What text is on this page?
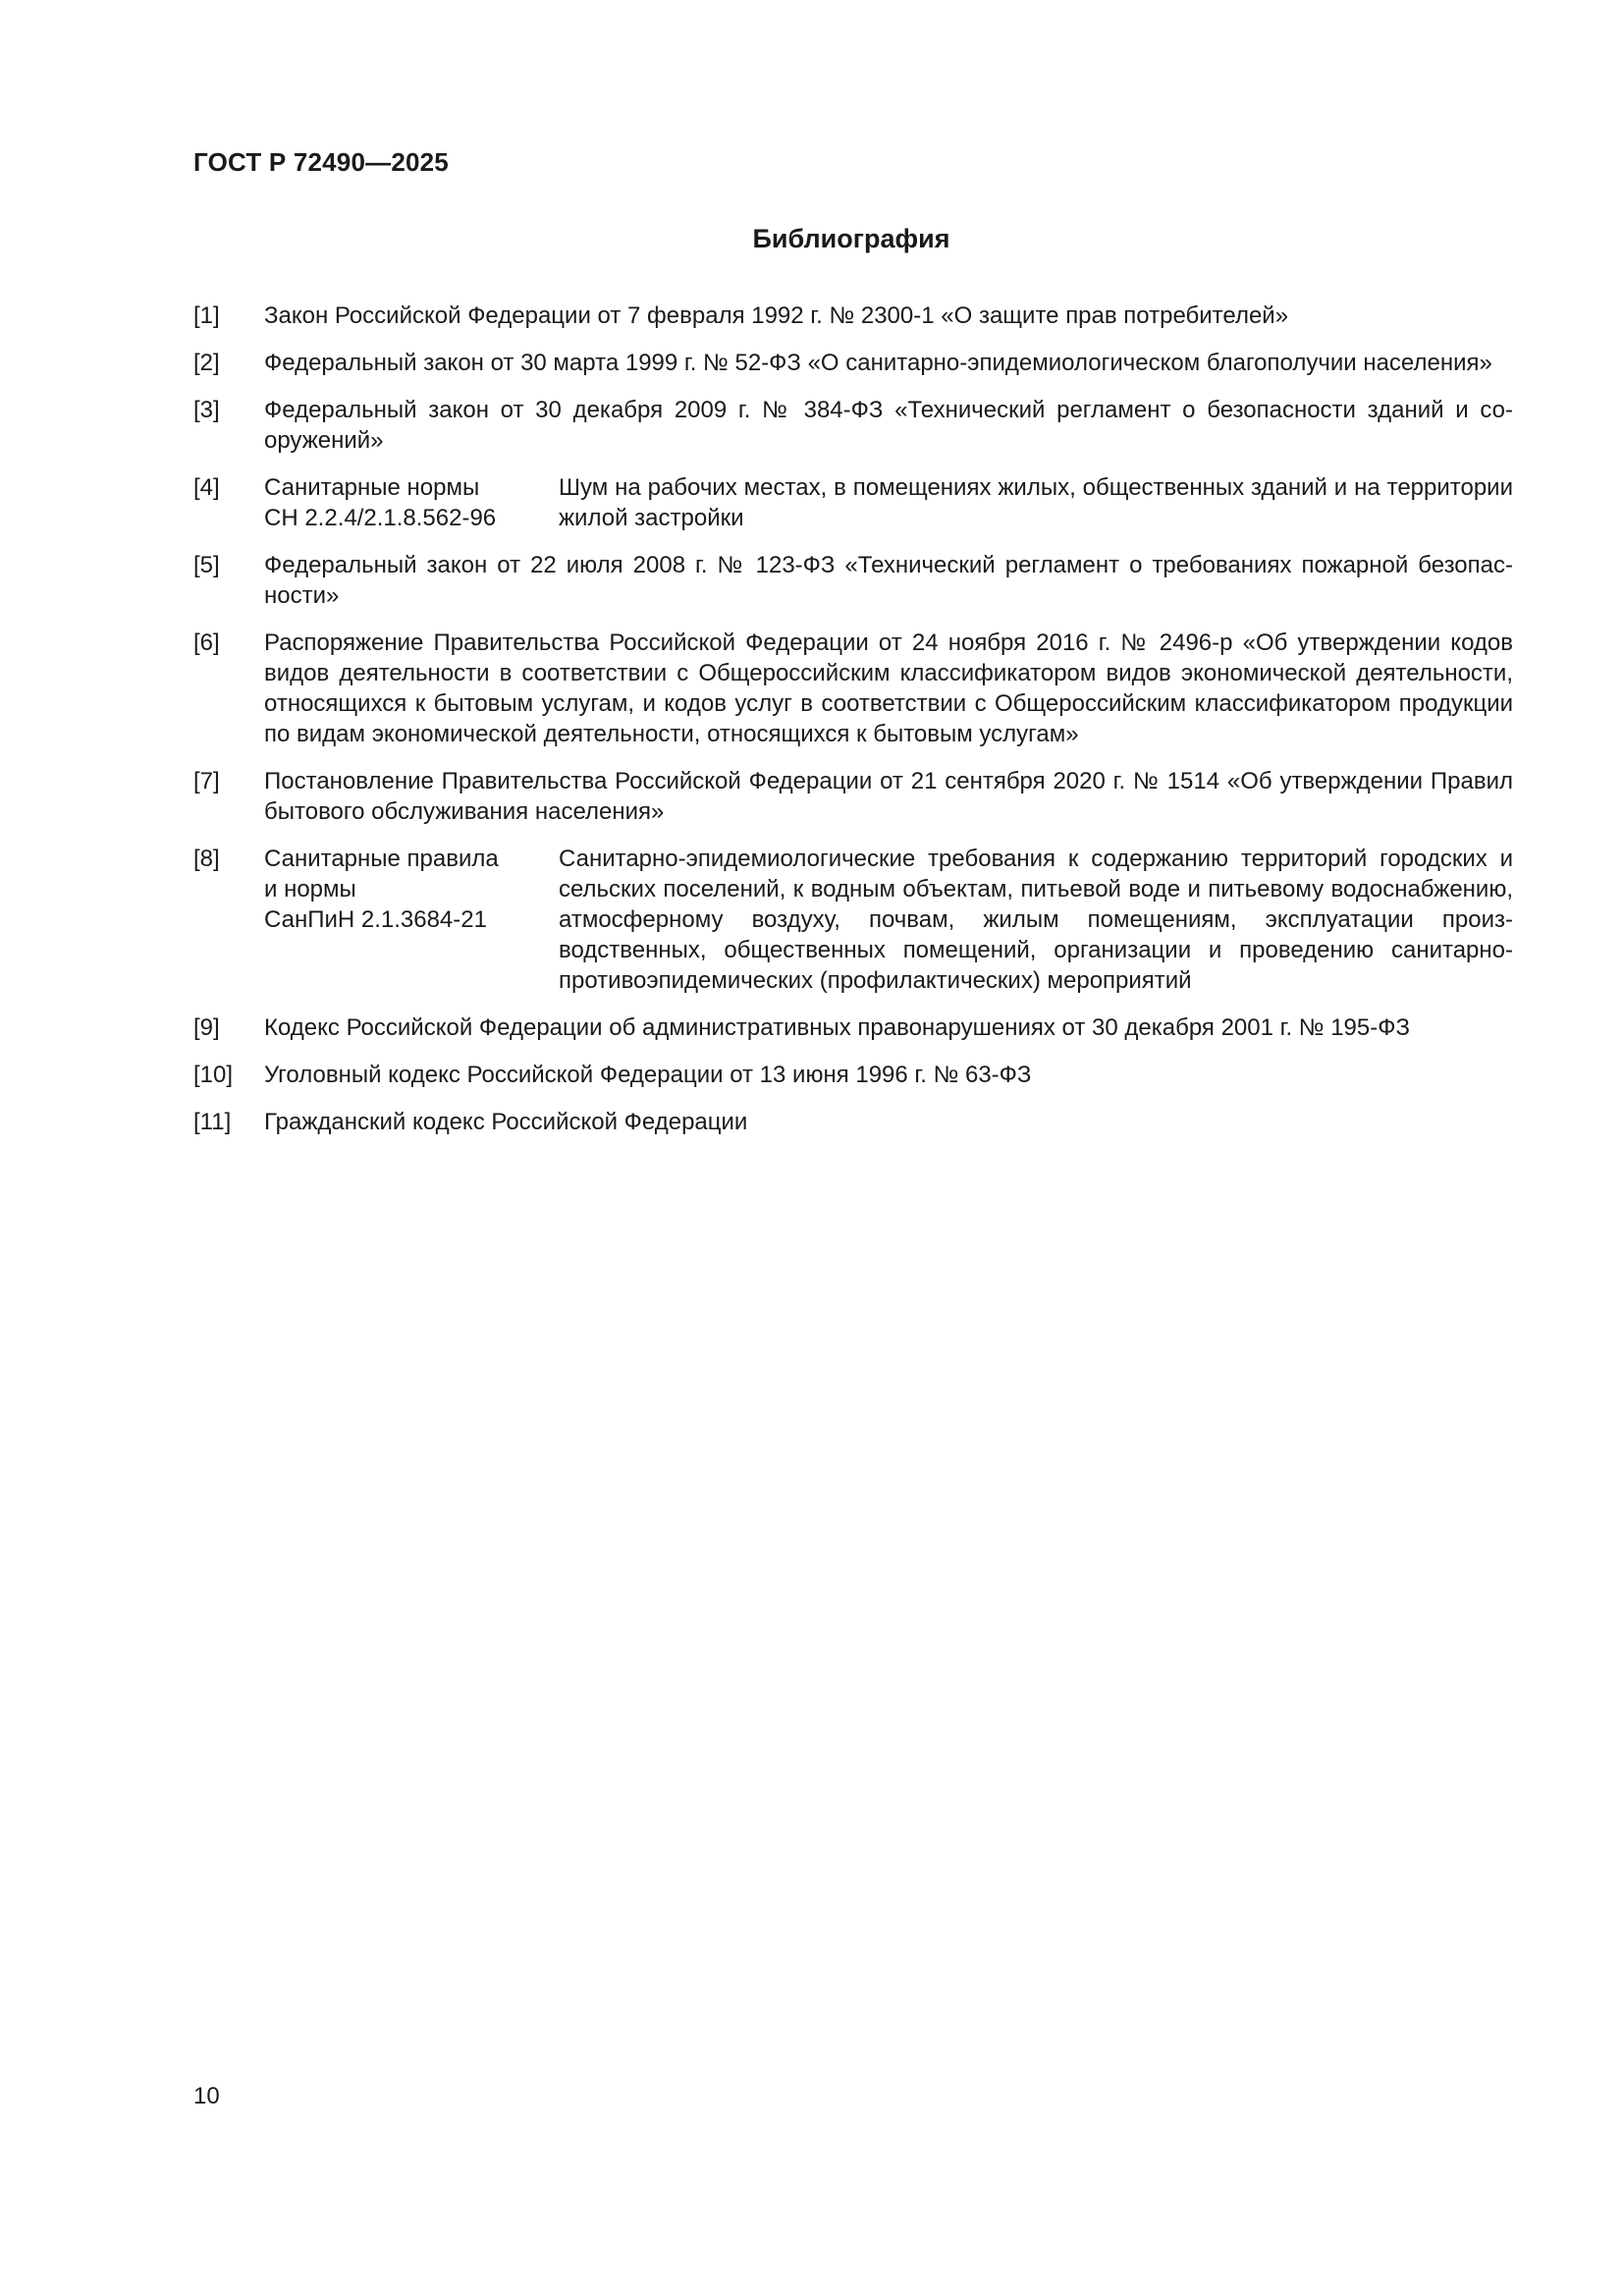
ГОСТ Р 72490—2025
Библиография
[1] Закон Российской Федерации от 7 февраля 1992 г. № 2300-1 «О защите прав потребителей»
[2] Федеральный закон от 30 марта 1999 г. № 52-ФЗ «О санитарно-эпидемиологическом благополучии населения»
[3] Федеральный закон от 30 декабря 2009 г. № 384-ФЗ «Технический регламент о безопасности зданий и сооружений»
[4] Санитарные нормы
СН 2.2.4/2.1.8.562-96
Шум на рабочих местах, в помещениях жилых, общественных зданий и на территории жилой застройки
[5] Федеральный закон от 22 июля 2008 г. № 123-ФЗ «Технический регламент о требованиях пожарной безопасности»
[6] Распоряжение Правительства Российской Федерации от 24 ноября 2016 г. № 2496-р «Об утверждении кодов видов деятельности в соответствии с Общероссийским классификатором видов экономической деятельности, относящихся к бытовым услугам, и кодов услуг в соответствии с Общероссийским классификатором продукции по видам экономической деятельности, относящихся к бытовым услугам»
[7] Постановление Правительства Российской Федерации от 21 сентября 2020 г. № 1514 «Об утверждении Правил бытового обслуживания населения»
[8] Санитарные правила
и нормы
СанПиН 2.1.3684-21
Санитарно-эпидемиологические требования к содержанию территорий городских и сельских поселений, к водным объектам, питьевой воде и питьевому водоснабжению, атмосферному воздуху, почвам, жилым помещениям, эксплуатации производственных, общественных помещений, организации и проведению санитарно-противоэпидемических (профилактических) мероприятий
[9] Кодекс Российской Федерации об административных правонарушениях от 30 декабря 2001 г. № 195-ФЗ
[10] Уголовный кодекс Российской Федерации от 13 июня 1996 г. № 63-ФЗ
[11] Гражданский кодекс Российской Федерации
10
